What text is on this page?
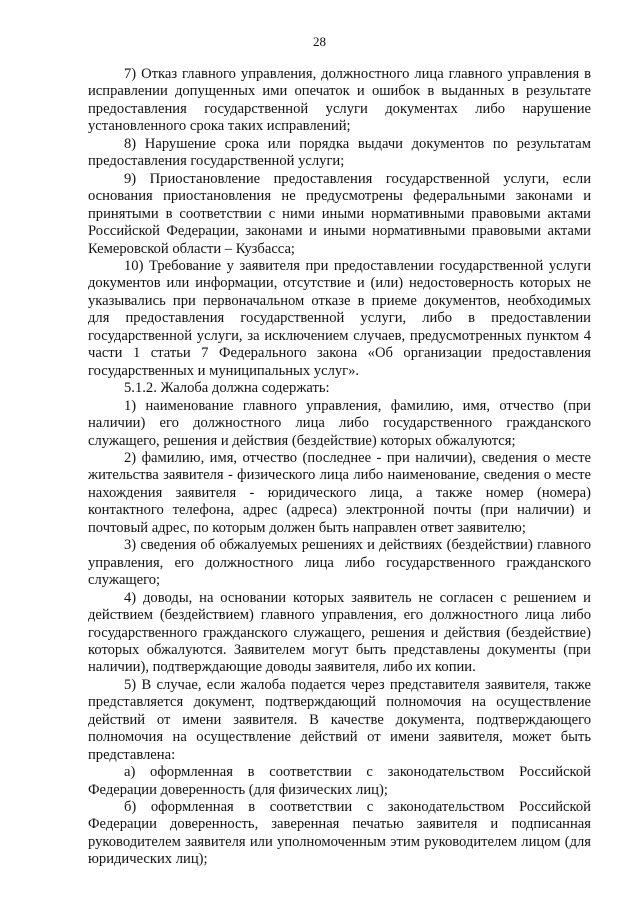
28

7) Отказ главного управления, должностного лица главного управления в исправлении допущенных ими опечаток и ошибок в выданных в результате предоставления государственной услуги документах либо нарушение установленного срока таких исправлений;

8) Нарушение срока или порядка выдачи документов по результатам предоставления государственной услуги;

9) Приостановление предоставления государственной услуги, если основания приостановления не предусмотрены федеральными законами и принятыми в соответствии с ними иными нормативными правовыми актами Российской Федерации, законами и иными нормативными правовыми актами Кемеровской области – Кузбасса;

10) Требование у заявителя при предоставлении государственной услуги документов или информации, отсутствие и (или) недостоверность которых не указывались при первоначальном отказе в приеме документов, необходимых для предоставления государственной услуги, либо в предоставлении государственной услуги, за исключением случаев, предусмотренных пунктом 4 части 1 статьи 7 Федерального закона «Об организации предоставления государственных и муниципальных услуг».

5.1.2. Жалоба должна содержать:

1) наименование главного управления, фамилию, имя, отчество (при наличии) его должностного лица либо государственного гражданского служащего, решения и действия (бездействие) которых обжалуются;

2) фамилию, имя, отчество (последнее - при наличии), сведения о месте жительства заявителя - физического лица либо наименование, сведения о месте нахождения заявителя - юридического лица, а также номер (номера) контактного телефона, адрес (адреса) электронной почты (при наличии) и почтовый адрес, по которым должен быть направлен ответ заявителю;

3) сведения об обжалуемых решениях и действиях (бездействии) главного управления, его должностного лица либо государственного гражданского служащего;

4) доводы, на основании которых заявитель не согласен с решением и действием (бездействием) главного управления, его должностного лица либо государственного гражданского служащего, решения и действия (бездействие) которых обжалуются. Заявителем могут быть представлены документы (при наличии), подтверждающие доводы заявителя, либо их копии.

5) В случае, если жалоба подается через представителя заявителя, также представляется документ, подтверждающий полномочия на осуществление действий от имени заявителя. В качестве документа, подтверждающего полномочия на осуществление действий от имени заявителя, может быть представлена:

а) оформленная в соответствии с законодательством Российской Федерации доверенность (для физических лиц);

б) оформленная в соответствии с законодательством Российской Федерации доверенность, заверенная печатью заявителя и подписанная руководителем заявителя или уполномоченным этим руководителем лицом (для юридических лиц);
